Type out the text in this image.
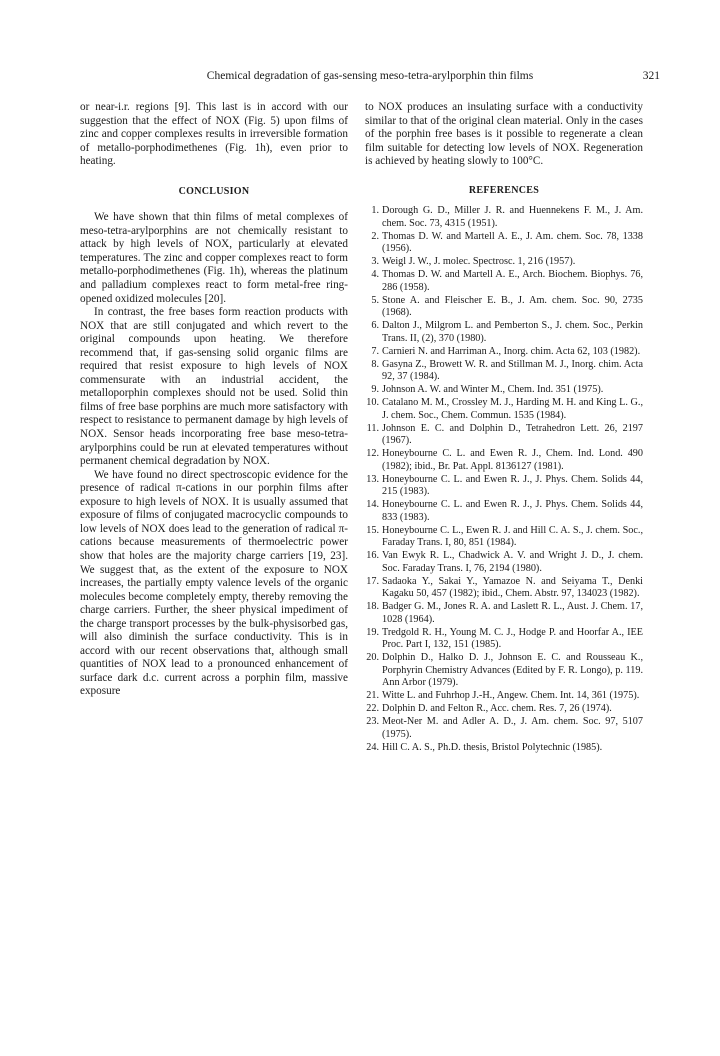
Chemical degradation of gas-sensing meso-tetra-arylporphin thin films	321

or near-i.r. regions [9]. This last is in accord with our suggestion that the effect of NOX (Fig. 5) upon films of zinc and copper complexes results in irreversible formation of metallo-porphodimethenes (Fig. 1h), even prior to heating.

CONCLUSION

We have shown that thin films of metal complexes of meso-tetra-arylporphins are not chemically resistant to attack by high levels of NOX, particularly at elevated temperatures. The zinc and copper complexes react to form metallo-porphodimethenes (Fig. 1h), whereas the platinum and palladium complexes react to form metal-free ring-opened oxidized molecules [20].

In contrast, the free bases form reaction products with NOX that are still conjugated and which revert to the original compounds upon heating. We therefore recommend that, if gas-sensing solid organic films are required that resist exposure to high levels of NOX commensurate with an industrial accident, the metalloporphin complexes should not be used. Solid thin films of free base porphins are much more satisfactory with respect to resistance to permanent damage by high levels of NOX. Sensor heads incorporating free base meso-tetra-arylporphins could be run at elevated temperatures without permanent chemical degradation by NOX.

We have found no direct spectroscopic evidence for the presence of radical π-cations in our porphin films after exposure to high levels of NOX. It is usually assumed that exposure of films of conjugated macrocyclic compounds to low levels of NOX does lead to the generation of radical π-cations because measurements of thermoelectric power show that holes are the majority charge carriers [19, 23]. We suggest that, as the extent of the exposure to NOX increases, the partially empty valence levels of the organic molecules become completely empty, thereby removing the charge carriers. Further, the sheer physical impediment of the charge transport processes by the bulk-physisorbed gas, will also diminish the surface conductivity. This is in accord with our recent observations that, although small quantities of NOX lead to a pronounced enhancement of surface dark d.c. current across a porphin film, massive exposure

to NOX produces an insulating surface with a conductivity similar to that of the original clean material. Only in the cases of the porphin free bases is it possible to regenerate a clean film suitable for detecting low levels of NOX. Regeneration is achieved by heating slowly to 100°C.

REFERENCES
1. Dorough G. D., Miller J. R. and Huennekens F. M., J. Am. chem. Soc. 73, 4315 (1951).
2. Thomas D. W. and Martell A. E., J. Am. chem. Soc. 78, 1338 (1956).
3. Weigl J. W., J. molec. Spectrosc. 1, 216 (1957).
4. Thomas D. W. and Martell A. E., Arch. Biochem. Biophys. 76, 286 (1958).
5. Stone A. and Fleischer E. B., J. Am. chem. Soc. 90, 2735 (1968).
6. Dalton J., Milgrom L. and Pemberton S., J. chem. Soc., Perkin Trans. II, (2), 370 (1980).
7. Carnieri N. and Harriman A., Inorg. chim. Acta 62, 103 (1982).
8. Gasyna Z., Browett W. R. and Stillman M. J., Inorg. chim. Acta 92, 37 (1984).
9. Johnson A. W. and Winter M., Chem. Ind. 351 (1975).
10. Catalano M. M., Crossley M. J., Harding M. H. and King L. G., J. chem. Soc., Chem. Commun. 1535 (1984).
11. Johnson E. C. and Dolphin D., Tetrahedron Lett. 26, 2197 (1967).
12. Honeybourne C. L. and Ewen R. J., Chem. Ind. Lond. 490 (1982); ibid., Br. Pat. Appl. 8136127 (1981).
13. Honeybourne C. L. and Ewen R. J., J. Phys. Chem. Solids 44, 215 (1983).
14. Honeybourne C. L. and Ewen R. J., J. Phys. Chem. Solids 44, 833 (1983).
15. Honeybourne C. L., Ewen R. J. and Hill C. A. S., J. chem. Soc., Faraday Trans. I, 80, 851 (1984).
16. Van Ewyk R. L., Chadwick A. V. and Wright J. D., J. chem. Soc. Faraday Trans. I, 76, 2194 (1980).
17. Sadaoka Y., Sakai Y., Yamazoe N. and Seiyama T., Denki Kagaku 50, 457 (1982); ibid., Chem. Abstr. 97, 134023 (1982).
18. Badger G. M., Jones R. A. and Laslett R. L., Aust. J. Chem. 17, 1028 (1964).
19. Tredgold R. H., Young M. C. J., Hodge P. and Hoorfar A., IEE Proc. Part I, 132, 151 (1985).
20. Dolphin D., Halko D. J., Johnson E. C. and Rousseau K., Porphyrin Chemistry Advances (Edited by F. R. Longo), p. 119. Ann Arbor (1979).
21. Witte L. and Fuhrhop J.-H., Angew. Chem. Int. 14, 361 (1975).
22. Dolphin D. and Felton R., Acc. chem. Res. 7, 26 (1974).
23. Meot-Ner M. and Adler A. D., J. Am. chem. Soc. 97, 5107 (1975).
24. Hill C. A. S., Ph.D. thesis, Bristol Polytechnic (1985).
